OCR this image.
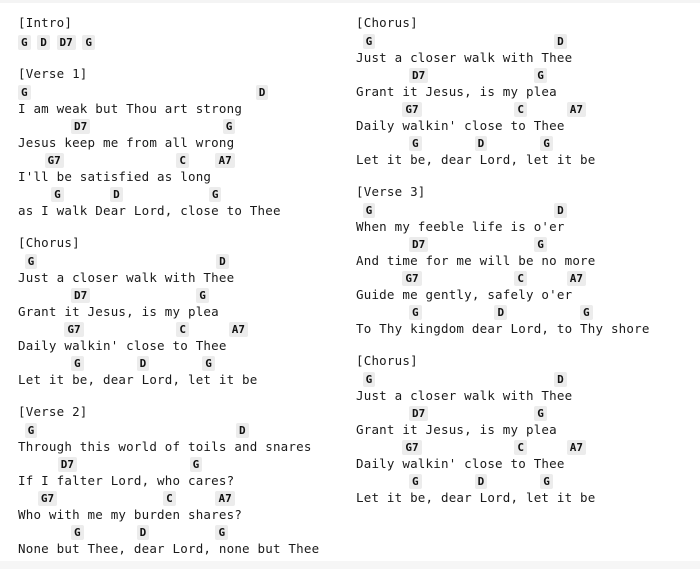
[Intro]
G D D7 G
[Verse 1]
G	D
I am weak but Thou art strong
D7	G
Jesus keep me from all wrong
G7	C	A7
I'll be satisfied as long
G	D	G
as I walk Dear Lord, close to Thee
[Chorus]
G	D
Just a closer walk with Thee
D7	G
Grant it Jesus, is my plea
G7	C	A7
Daily walkin' close to Thee
G	D	G
Let it be, dear Lord, let it be
[Verse 2]
G	D
Through this world of toils and snares
D7	G
If I falter Lord, who cares?
G7	C	A7
Who with me my burden shares?
G	D	G
None but Thee, dear Lord, none but Thee
[Chorus]
G	D
Just a closer walk with Thee
D7	G
Grant it Jesus, is my plea
G7	C	A7
Daily walkin' close to Thee
G	D	G
Let it be, dear Lord, let it be
[Verse 3]
G	D
When my feeble life is o'er
D7	G
And time for me will be no more
G7	C	A7
Guide me gently, safely o'er
G	D	G
To Thy kingdom dear Lord, to Thy shore
[Chorus]
G	D
Just a closer walk with Thee
D7	G
Grant it Jesus, is my plea
G7	C	A7
Daily walkin' close to Thee
G	D	G
Let it be, dear Lord, let it be
